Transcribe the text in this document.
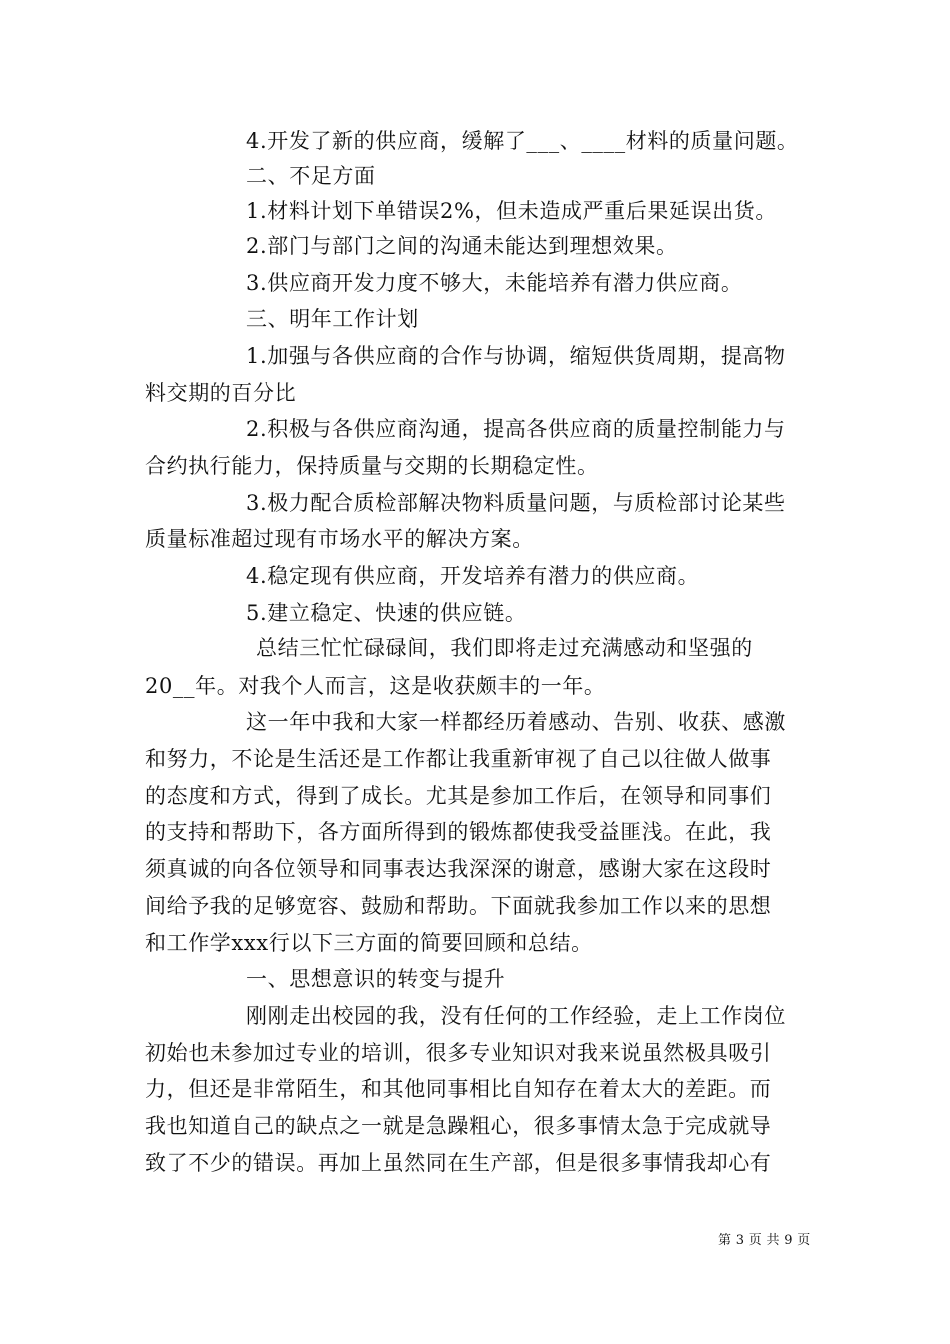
4.开发了新的供应商，缓解了___、____材料的质量问题。
二、不足方面
1.材料计划下单错误2%，但未造成严重后果延误出货。
2.部门与部门之间的沟通未能达到理想效果。
3.供应商开发力度不够大，未能培养有潜力供应商。
三、明年工作计划
1.加强与各供应商的合作与协调，缩短供货周期，提高物
料交期的百分比
2.积极与各供应商沟通，提高各供应商的质量控制能力与
合约执行能力，保持质量与交期的长期稳定性。
3.极力配合质检部解决物料质量问题，与质检部讨论某些
质量标准超过现有市场水平的解决方案。
4.稳定现有供应商，开发培养有潜力的供应商。
5.建立稳定、快速的供应链。
总结三忙忙碌碌间，我们即将走过充满感动和坚强的
20__年。对我个人而言，这是收获颇丰的一年。
这一年中我和大家一样都经历着感动、告别、收获、感激
和努力，不论是生活还是工作都让我重新审视了自己以往做人做事
的态度和方式，得到了成长。尤其是参加工作后，在领导和同事们
的支持和帮助下，各方面所得到的锻炼都使我受益匪浅。在此，我
须真诚的向各位领导和同事表达我深深的谢意，感谢大家在这段时
间给予我的足够宽容、鼓励和帮助。下面就我参加工作以来的思想
和工作学xxx行以下三方面的简要回顾和总结。
一、思想意识的转变与提升
刚刚走出校园的我，没有任何的工作经验，走上工作岗位
初始也未参加过专业的培训，很多专业知识对我来说虽然极具吸引
力，但还是非常陌生，和其他同事相比自知存在着太大的差距。而
我也知道自己的缺点之一就是急躁粗心，很多事情太急于完成就导
致了不少的错误。再加上虽然同在生产部，但是很多事情我却心有
第 3 页 共 9 页
